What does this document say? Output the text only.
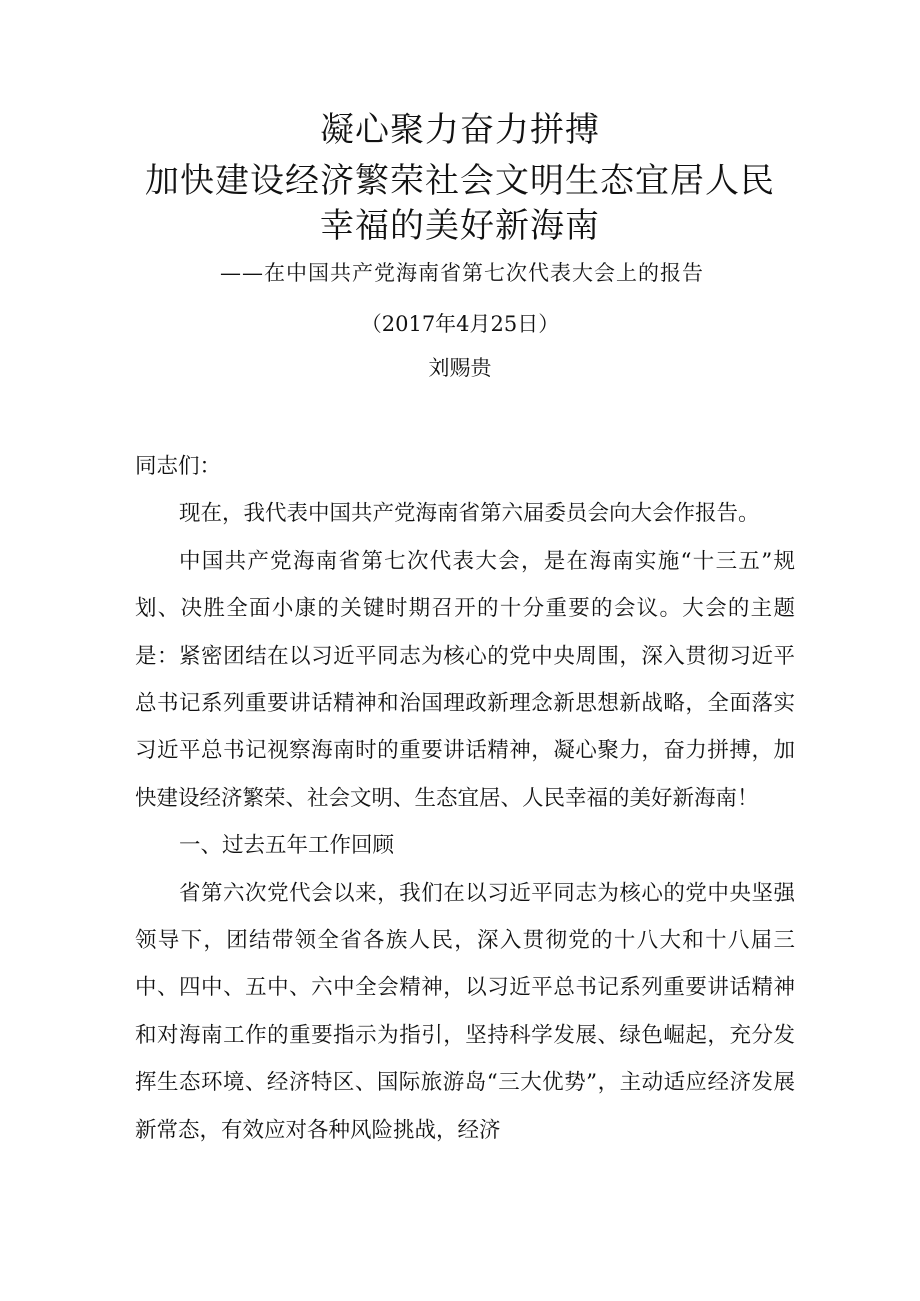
凝心聚力奋力拼搏
加快建设经济繁荣社会文明生态宜居人民
幸福的美好新海南
——在中国共产党海南省第七次代表大会上的报告
（2017年4月25日）
刘赐贵

同志们：

现在，我代表中国共产党海南省第六届委员会向大会作报告。

中国共产党海南省第七次代表大会，是在海南实施“十三五”规划、决胜全面小康的关键时期召开的十分重要的会议。大会的主题是：紧密团结在以习近平同志为核心的党中央周围，深入贯彻习近平总书记系列重要讲话精神和治国理政新理念新思想新战略，全面落实习近平总书记视察海南时的重要讲话精神，凝心聚力，奋力拼搏，加快建设经济繁荣、社会文明、生态宜居、人民幸福的美好新海南！

一、过去五年工作回顾

省第六次党代会以来，我们在以习近平同志为核心的党中央坚强领导下，团结带领全省各族人民，深入贯彻党的十八大和十八届三中、四中、五中、六中全会精神，以习近平总书记系列重要讲话精神和对海南工作的重要指示为指引，坚持科学发展、绿色崛起，充分发挥生态环境、经济特区、国际旅游岛“三大优势”，主动适应经济发展新常态，有效应对各种风险挑战，经济
